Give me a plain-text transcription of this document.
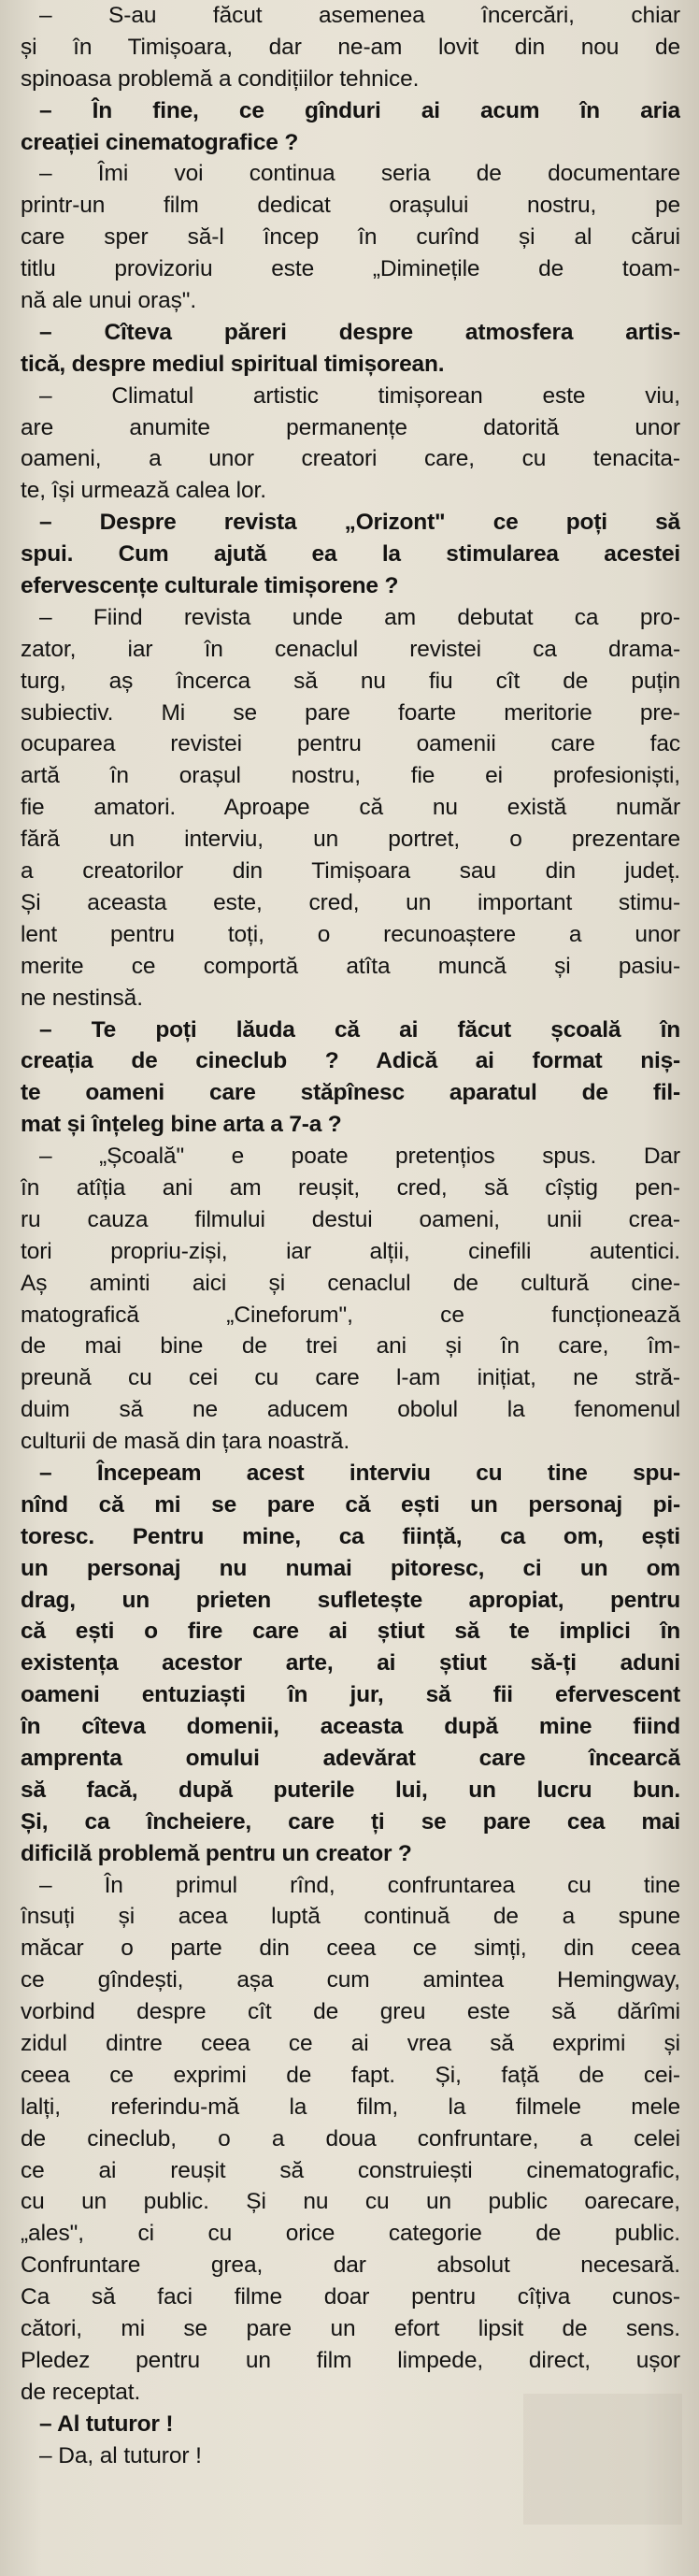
– S-au făcut asemenea încercări, chiar
și în Timișoara, dar ne-am lovit din nou de
spinoasa problemă a condițiilor tehnice.
– În fine, ce gînduri ai acum în aria
creației cinematografice ?
– Îmi voi continua seria de documentare
printr-un film dedicat orașului nostru, pe
care sper să-l încep în curînd și al cărui
titlu provizoriu este „Diminețile de toam-
nă ale unui oraș".
– Cîteva păreri despre atmosfera artis-
tică, despre mediul spiritual timișorean.
– Climatul artistic timișorean este viu,
are anumite permanențe datorită unor
oameni, a unor creatori care, cu tenacita-
te, își urmează calea lor.
– Despre revista „Orizont" ce poți să
spui. Cum ajută ea la stimularea acestei
efervescențe culturale timișorene ?
– Fiind revista unde am debutat ca pro-
zator, iar în cenaclul revistei ca drama-
turg, aș încerca să nu fiu cît de puțin
subiectiv. Mi se pare foarte meritorie pre-
ocuparea revistei pentru oamenii care fac
artă în orașul nostru, fie ei profesioniști,
fie amatori. Aproape că nu există număr
fără un interviu, un portret, o prezentare
a creatorilor din Timișoara sau din județ.
Și aceasta este, cred, un important stimu-
lent pentru toți, o recunoaștere a unor
merite ce comportă atîta muncă și pasiu-
ne nestinsă.
– Te poți lăuda că ai făcut școală în
creația de cineclub ? Adică ai format niș-
te oameni care stăpînesc aparatul de fil-
mat și înțeleg bine arta a 7-a ?
– „Școală" e poate pretențios spus. Dar
în atîția ani am reușit, cred, să cîștig pen-
ru cauza filmului destui oameni, unii crea-
tori propriu-ziși, iar alții, cinefili autentici.
Aș aminti aici și cenaclul de cultură cine-
matografică „Cineforum", ce funcționează
de mai bine de trei ani și în care, îm-
preună cu cei cu care l-am inițiat, ne stră-
duim să ne aducem obolul la fenomenul
culturii de masă din țara noastră.
– Începeam acest interviu cu tine spu-
nînd că mi se pare că ești un personaj pi-
toresc. Pentru mine, ca ființă, ca om, ești
un personaj nu numai pitoresc, ci un om
drag, un prieten sufletește apropiat, pentru
că ești o fire care ai știut să te implici în
existența acestor arte, ai știut să-ți aduni
oameni entuziaști în jur, să fii efervescent
în cîteva domenii, aceasta după mine fiind
amprenta omului adevărat care încearcă
să facă, după puterile lui, un lucru bun.
Și, ca încheiere, care ți se pare cea mai
dificilă problemă pentru un creator ?
– În primul rînd, confruntarea cu tine
însuți și acea luptă continuă de a spune
măcar o parte din ceea ce simți, din ceea
ce gîndești, așa cum amintea Hemingway,
vorbind despre cît de greu este să dărîmi
zidul dintre ceea ce ai vrea să exprimi și
ceea ce exprimi de fapt. Și, față de cei-
lalți, referindu-mă la film, la filmele mele
de cineclub, o a doua confruntare, a celei
ce ai reușit să construiești cinematografic,
cu un public. Și nu cu un public oarecare,
„ales", ci cu orice categorie de public.
Confruntare grea, dar absolut necesară.
Ca să faci filme doar pentru cîțiva cunos-
cători, mi se pare un efort lipsit de sens.
Pledez pentru un film limpede, direct, ușor
de receptat.
– Al tuturor !
– Da, al tuturor !
